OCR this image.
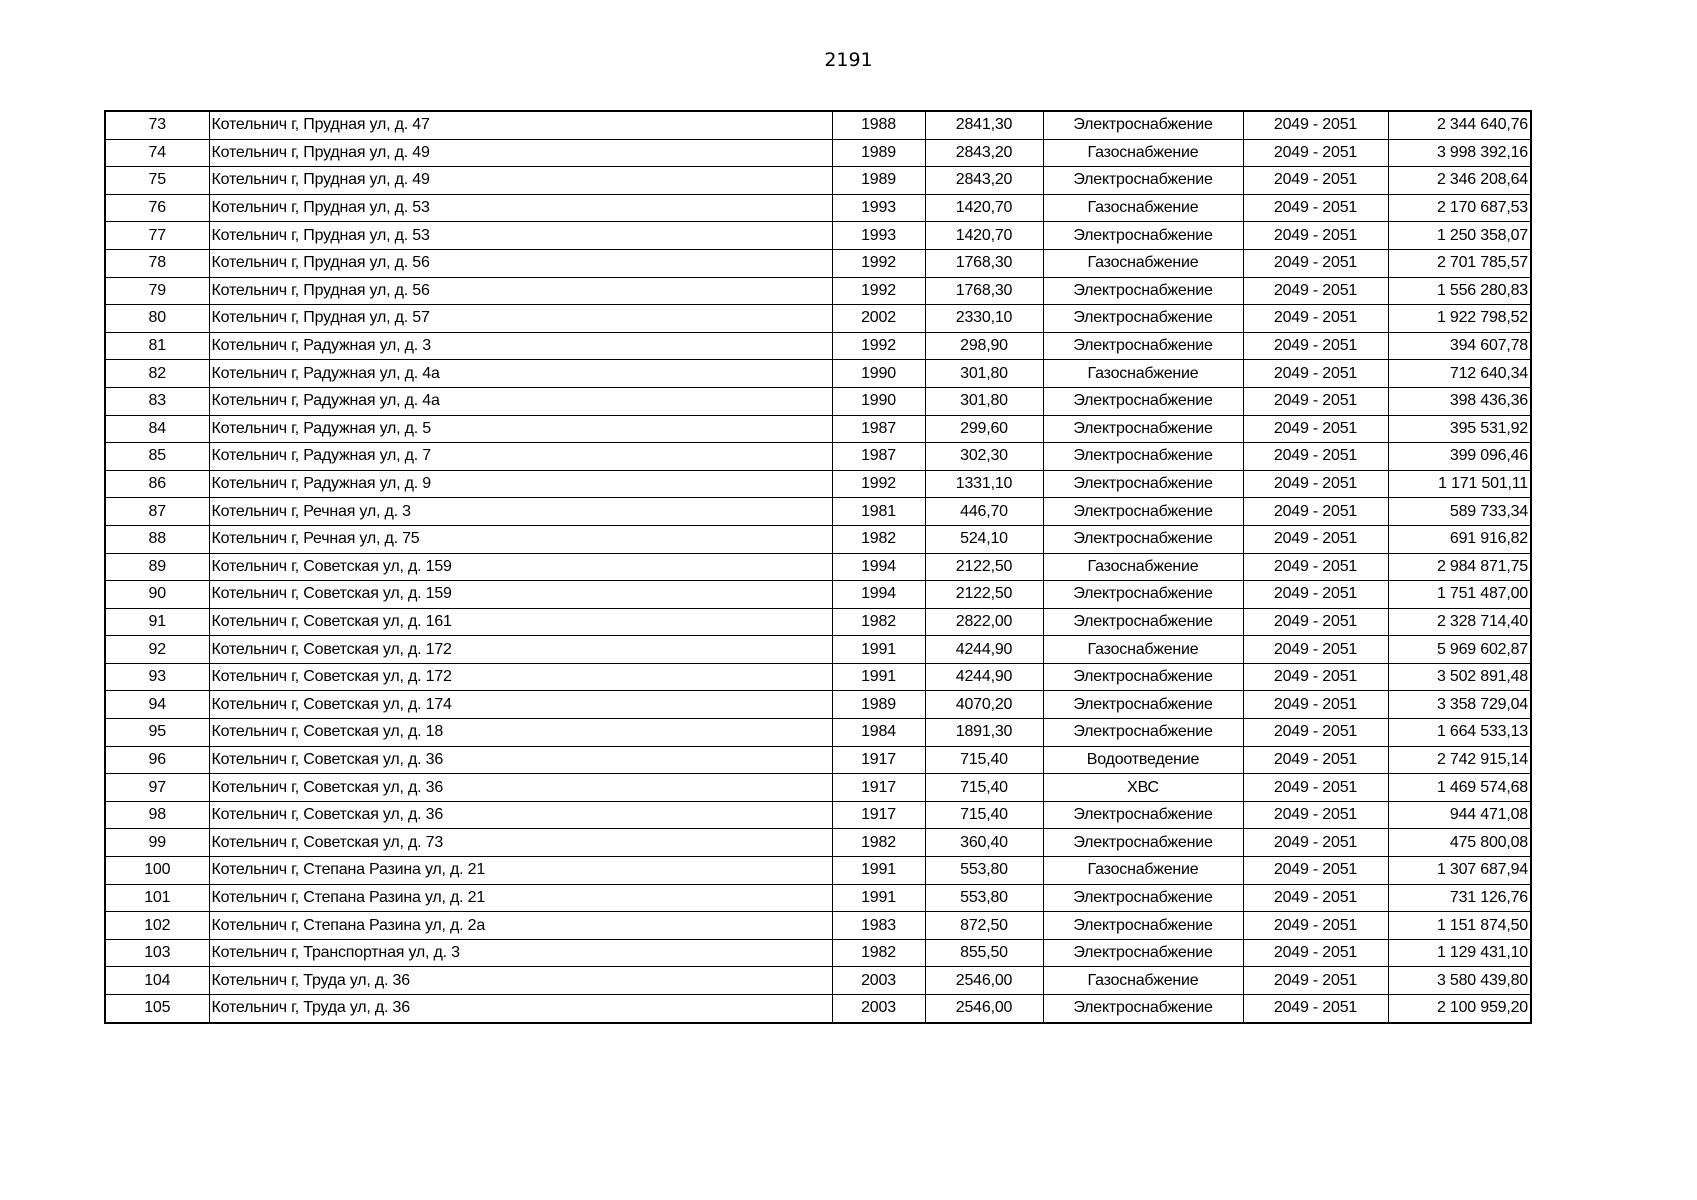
2191
73	Котельнич г, Прудная ул, д. 47	1988	2841,30	Электроснабжение	2049 - 2051	2 344 640,76
74	Котельнич г, Прудная ул, д. 49	1989	2843,20	Газоснабжение	2049 - 2051	3 998 392,16
75	Котельнич г, Прудная ул, д. 49	1989	2843,20	Электроснабжение	2049 - 2051	2 346 208,64
76	Котельнич г, Прудная ул, д. 53	1993	1420,70	Газоснабжение	2049 - 2051	2 170 687,53
77	Котельнич г, Прудная ул, д. 53	1993	1420,70	Электроснабжение	2049 - 2051	1 250 358,07
78	Котельнич г, Прудная ул, д. 56	1992	1768,30	Газоснабжение	2049 - 2051	2 701 785,57
79	Котельнич г, Прудная ул, д. 56	1992	1768,30	Электроснабжение	2049 - 2051	1 556 280,83
80	Котельнич г, Прудная ул, д. 57	2002	2330,10	Электроснабжение	2049 - 2051	1 922 798,52
81	Котельнич г, Радужная ул, д. 3	1992	298,90	Электроснабжение	2049 - 2051	394 607,78
82	Котельнич г, Радужная ул, д. 4а	1990	301,80	Газоснабжение	2049 - 2051	712 640,34
83	Котельнич г, Радужная ул, д. 4а	1990	301,80	Электроснабжение	2049 - 2051	398 436,36
84	Котельнич г, Радужная ул, д. 5	1987	299,60	Электроснабжение	2049 - 2051	395 531,92
85	Котельнич г, Радужная ул, д. 7	1987	302,30	Электроснабжение	2049 - 2051	399 096,46
86	Котельнич г, Радужная ул, д. 9	1992	1331,10	Электроснабжение	2049 - 2051	1 171 501,11
87	Котельнич г, Речная ул, д. 3	1981	446,70	Электроснабжение	2049 - 2051	589 733,34
88	Котельнич г, Речная ул, д. 75	1982	524,10	Электроснабжение	2049 - 2051	691 916,82
89	Котельнич г, Советская ул, д. 159	1994	2122,50	Газоснабжение	2049 - 2051	2 984 871,75
90	Котельнич г, Советская ул, д. 159	1994	2122,50	Электроснабжение	2049 - 2051	1 751 487,00
91	Котельнич г, Советская ул, д. 161	1982	2822,00	Электроснабжение	2049 - 2051	2 328 714,40
92	Котельнич г, Советская ул, д. 172	1991	4244,90	Газоснабжение	2049 - 2051	5 969 602,87
93	Котельнич г, Советская ул, д. 172	1991	4244,90	Электроснабжение	2049 - 2051	3 502 891,48
94	Котельнич г, Советская ул, д. 174	1989	4070,20	Электроснабжение	2049 - 2051	3 358 729,04
95	Котельнич г, Советская ул, д. 18	1984	1891,30	Электроснабжение	2049 - 2051	1 664 533,13
96	Котельнич г, Советская ул, д. 36	1917	715,40	Водоотведение	2049 - 2051	2 742 915,14
97	Котельнич г, Советская ул, д. 36	1917	715,40	ХВС	2049 - 2051	1 469 574,68
98	Котельнич г, Советская ул, д. 36	1917	715,40	Электроснабжение	2049 - 2051	944 471,08
99	Котельнич г, Советская ул, д. 73	1982	360,40	Электроснабжение	2049 - 2051	475 800,08
100	Котельнич г, Степана Разина ул, д. 21	1991	553,80	Газоснабжение	2049 - 2051	1 307 687,94
101	Котельнич г, Степана Разина ул, д. 21	1991	553,80	Электроснабжение	2049 - 2051	731 126,76
102	Котельнич г, Степана Разина ул, д. 2а	1983	872,50	Электроснабжение	2049 - 2051	1 151 874,50
103	Котельнич г, Транспортная ул, д. 3	1982	855,50	Электроснабжение	2049 - 2051	1 129 431,10
104	Котельнич г, Труда ул, д. 36	2003	2546,00	Газоснабжение	2049 - 2051	3 580 439,80
105	Котельнич г, Труда ул, д. 36	2003	2546,00	Электроснабжение	2049 - 2051	2 100 959,20
